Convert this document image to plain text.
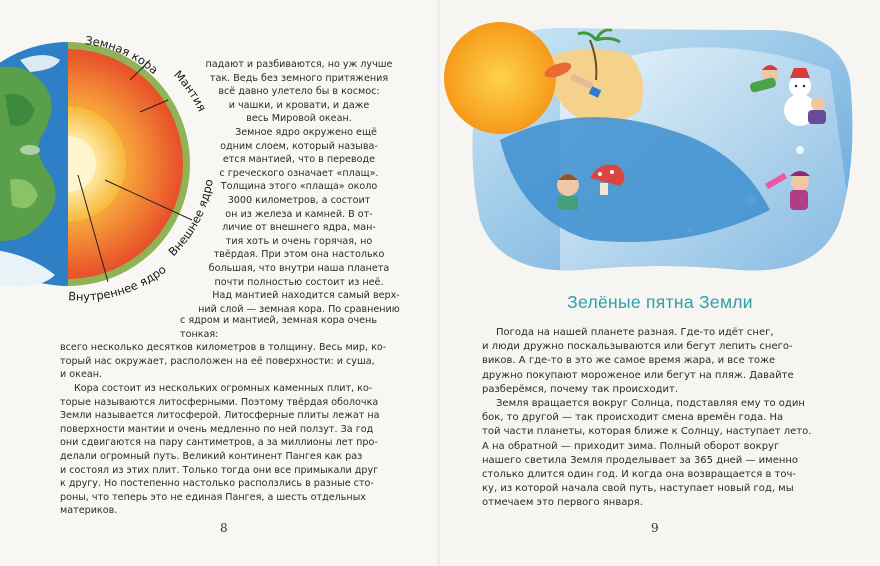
Земная кора Мантия
Внешнее ядро
Внутреннее ядро

падают и разбиваются, но уж лучше

так. Ведь без земного притяжения

всё давно улетело бы в космос:

и чашки, и кровати, и даже

весь Мировой океан.

Земное ядро окружено ещё

одним слоем, который называ-

ется мантией, что в переводе

с греческого означает «плащ».

Толщина этого «плаща» около

3000 километров, а состоит

он из железа и камней. В от-

личие от внешнего ядра, ман-

тия хоть и очень горячая, но

твёрдая. При этом она настолько

большая, что внутри наша планета

почти полностью состоит из неё.

Над мантией находится самый верх-

ний слой — земная кора. По сравнению

с ядром и мантией, земная кора очень тонкая:

всего несколько десятков километров в толщину. Весь мир, ко-

торый нас окружает, расположен на её поверхности: и суша,

и океан.

Кора состоит из нескольких огромных каменных плит, ко-

торые называются литосферными. Поэтому твёрдая оболочка

Земли называется литосферой. Литосферные плиты лежат на

поверхности мантии и очень медленно по ней ползут. За год

они сдвигаются на пару сантиметров, а за миллионы лет про-

делали огромный путь. Великий континент Пангея как раз

и состоял из этих плит. Только тогда они все примыкали друг

к другу. Но постепенно настолько расползлись в разные сто-

роны, что теперь это не единая Пангея, а шесть отдельных

материков.

8
Зелёные пятна Земли

Погода на нашей планете разная. Где-то идёт снег,

и люди дружно поскальзываются или бегут лепить снего-

виков. А где-то в это же самое время жара, и все тоже

дружно покупают мороженое или бегут на пляж. Давайте

разберёмся, почему так происходит.

Земля вращается вокруг Солнца, подставляя ему то один

бок, то другой — так происходит смена времён года. На

той части планеты, которая ближе к Солнцу, наступает лето.

А на обратной — приходит зима. Полный оборот вокруг

нашего светила Земля проделывает за 365 дней — именно

столько длится один год. И когда она возвращается в точ-

ку, из которой начала свой путь, наступает новый год, мы

отмечаем это первого января.

9
